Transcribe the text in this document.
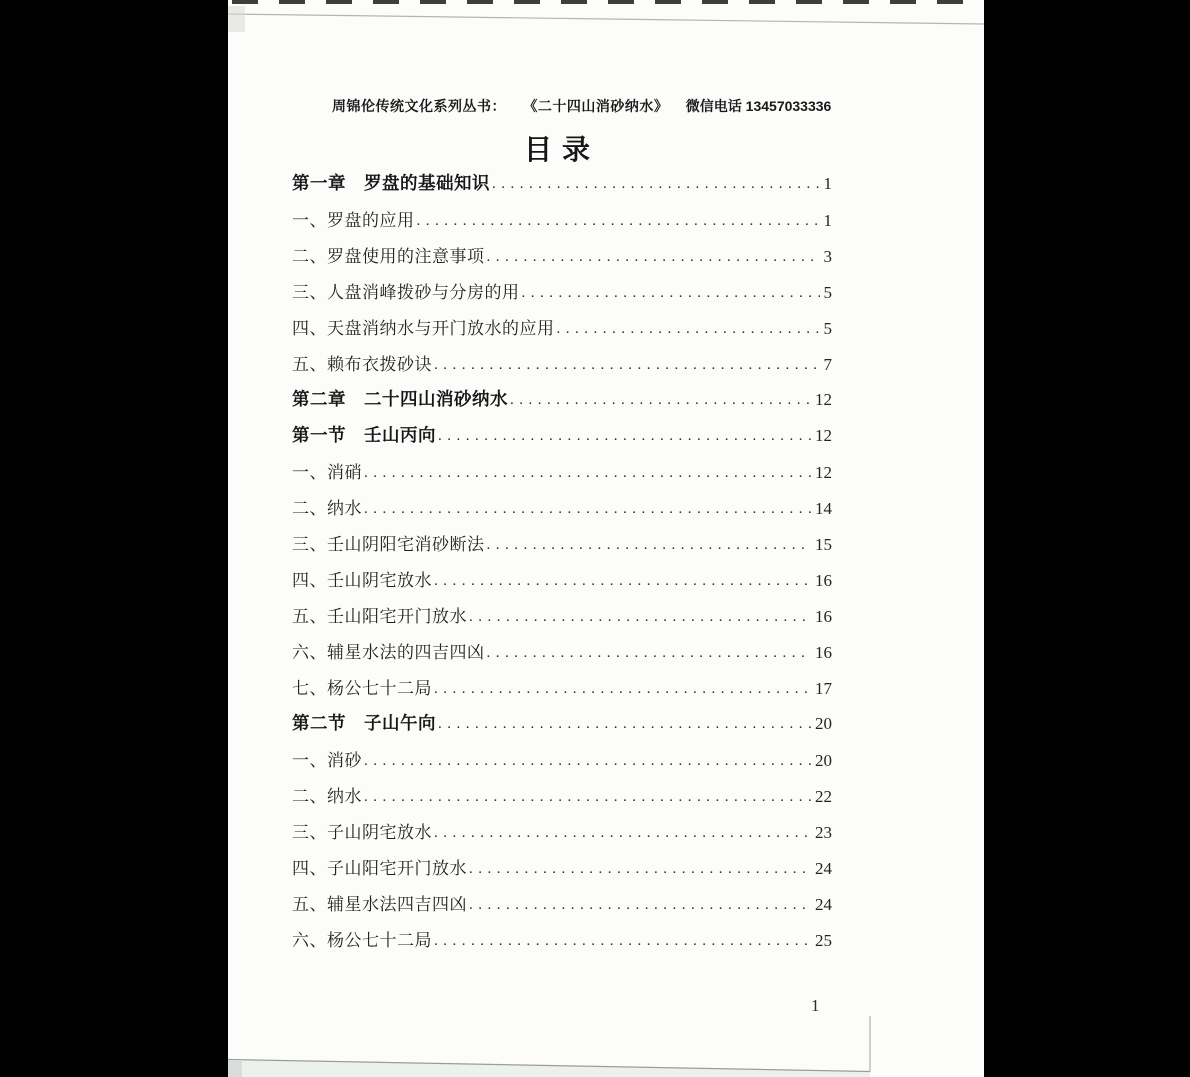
周锦伦传统文化系列丛书： 《二十四山消砂纳水》 微信电话 13457033336
目录
第一章　罗盘的基础知识 .....	1
一、罗盘的应用 .....	1
二、罗盘使用的注意事项 .....	3
三、人盘消峰拨砂与分房的用 .....	5
四、天盘消纳水与开门放水的应用 .....	5
五、赖布衣拨砂诀 .....	7
第二章　二十四山消砂纳水 .....	12
第一节　壬山丙向 .....	12
一、消硝 .....	12
二、纳水 .....	14
三、壬山阴阳宅消砂断法 .....	15
四、壬山阴宅放水 .....	16
五、壬山阳宅开门放水 .....	16
六、辅星水法的四吉四凶 .....	16
七、杨公七十二局 .....	17
第二节　子山午向 .....	20
一、消砂 .....	20
二、纳水 .....	22
三、子山阴宅放水 .....	23
四、子山阳宅开门放水 .....	24
五、辅星水法四吉四凶 .....	24
六、杨公七十二局 .....	25
1
